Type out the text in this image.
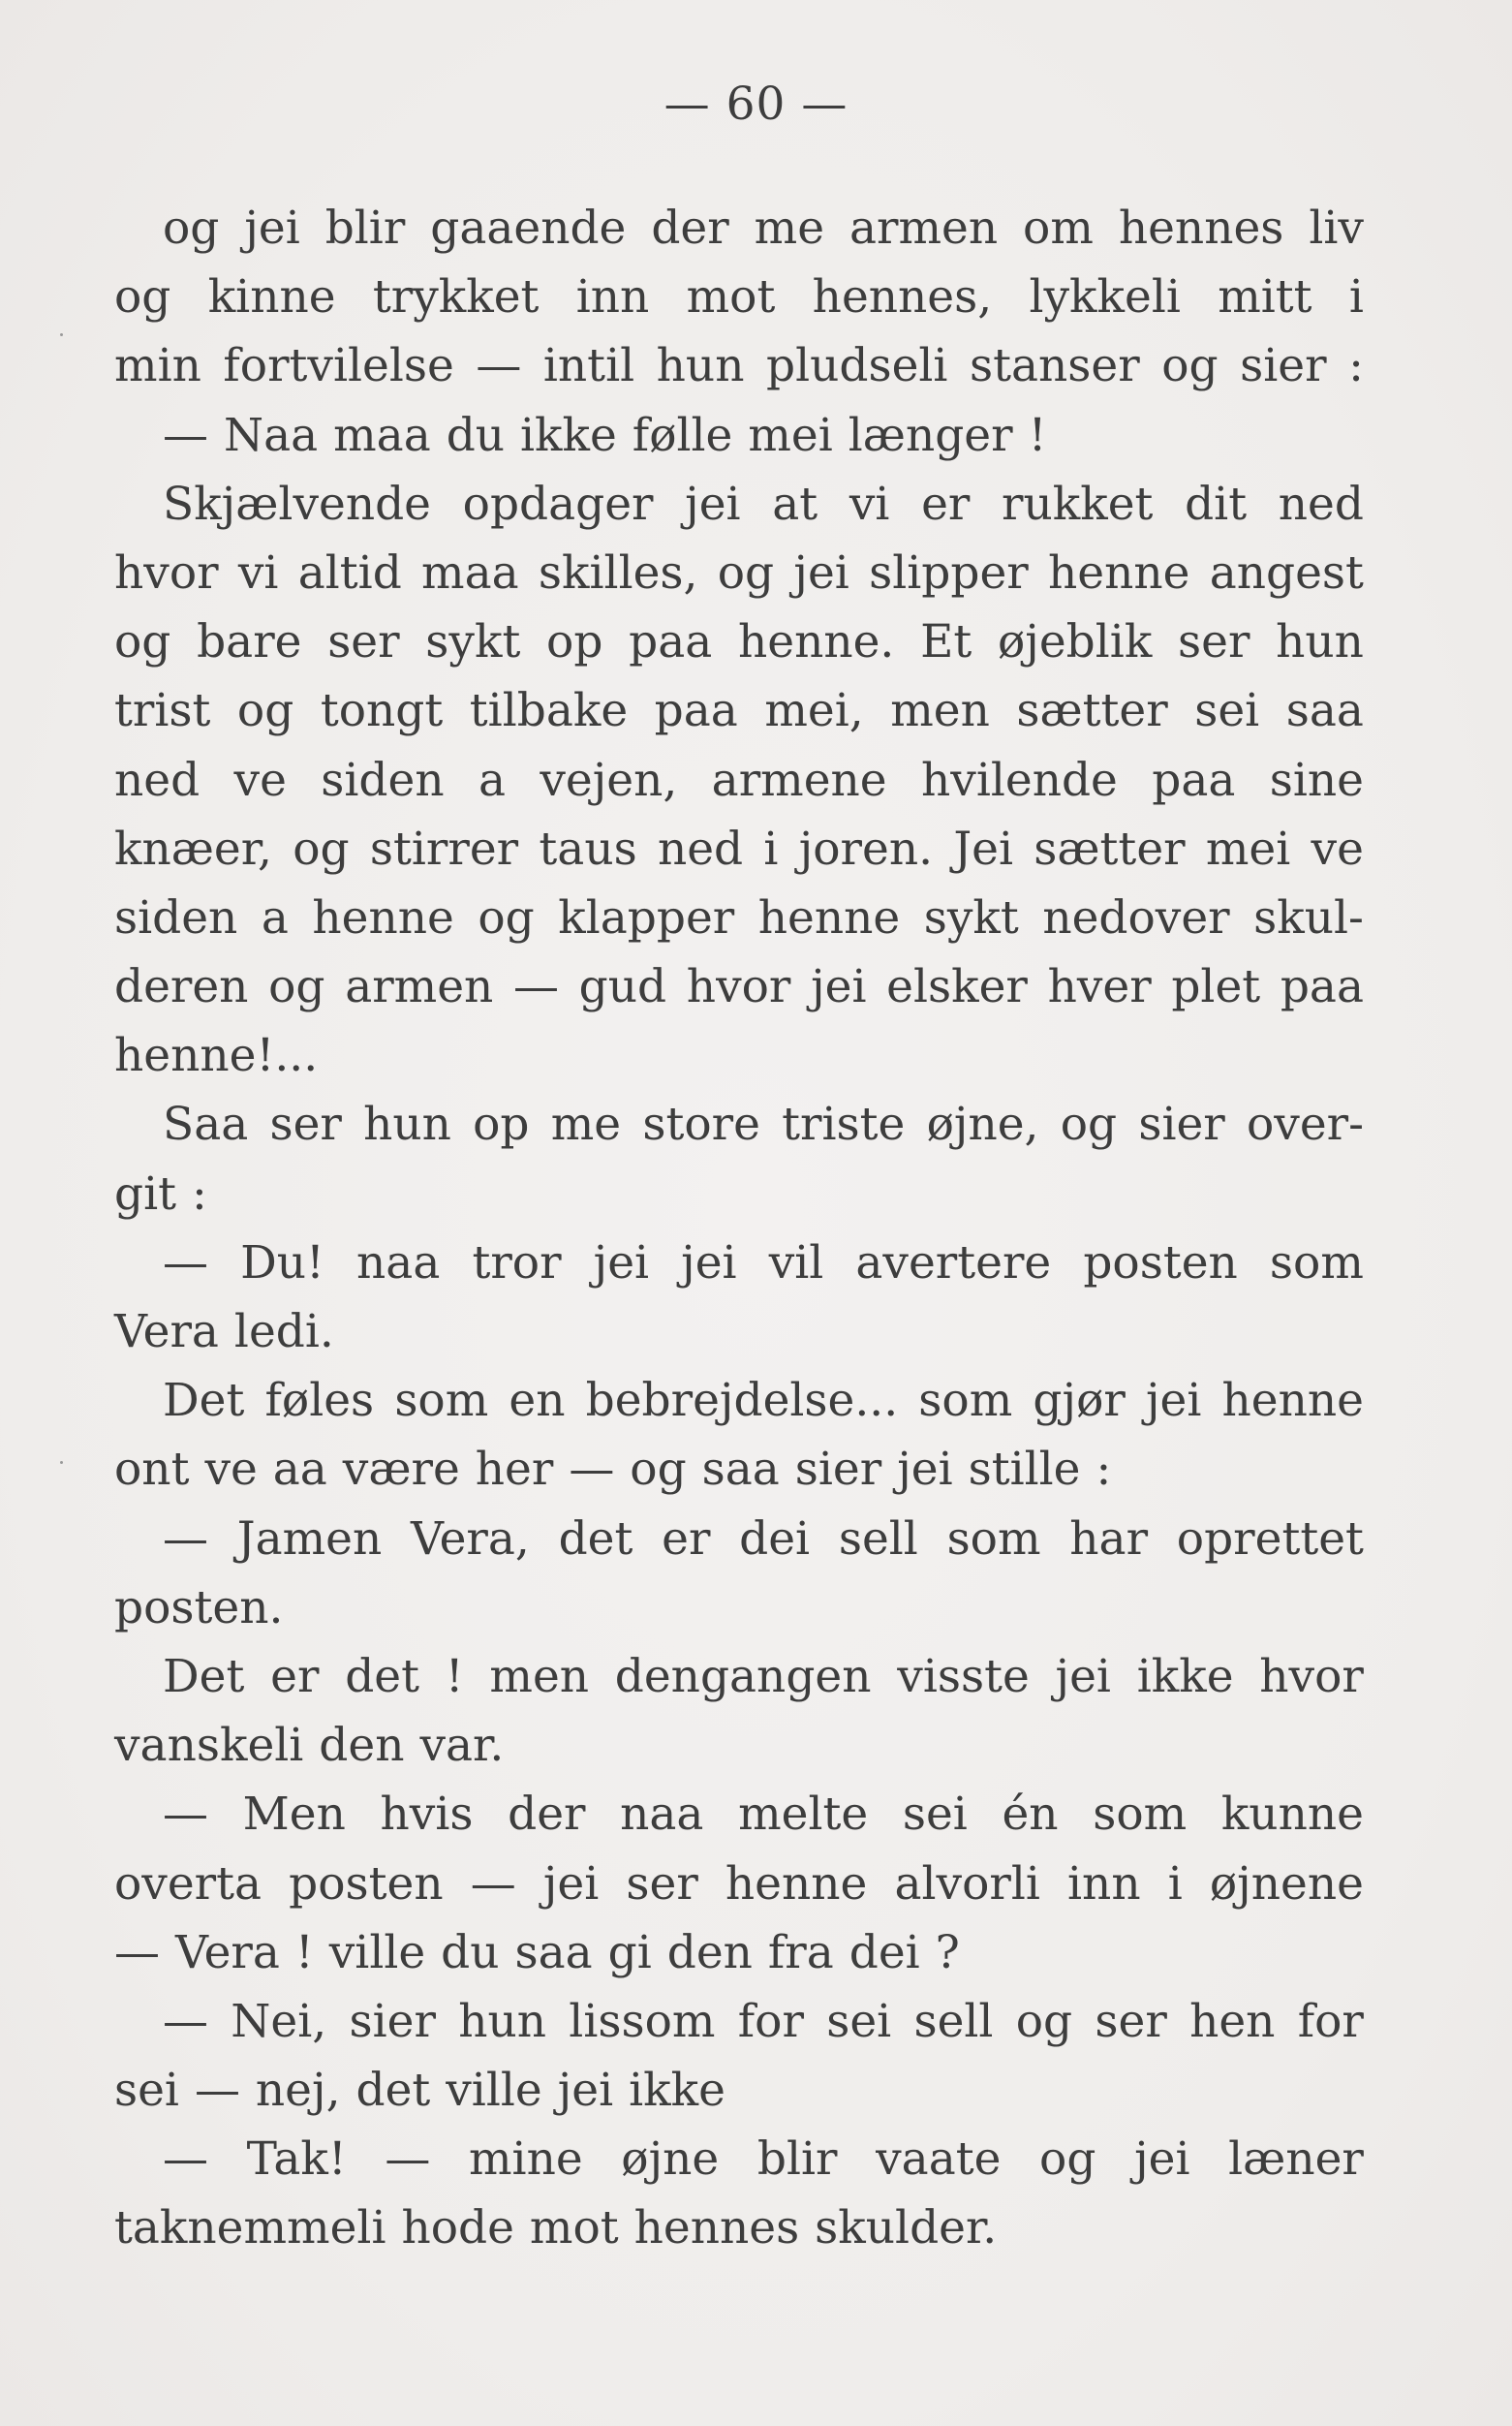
— 60 —
og jei blir gaaende der me armen om hennes liv
og kinne trykket inn mot hennes, lykkeli mitt i
min fortvilelse — intil hun pludseli stanser og sier :
— Naa maa du ikke følle mei længer !
Skjælvende opdager jei at vi er rukket dit ned
hvor vi altid maa skilles, og jei slipper henne angest
og bare ser sykt op paa henne. Et øjeblik ser hun
trist og tongt tilbake paa mei, men sætter sei saa
ned ve siden a vejen, armene hvilende paa sine
knæer, og stirrer taus ned i joren. Jei sætter mei ve
siden a henne og klapper henne sykt nedover skul-
deren og armen — gud hvor jei elsker hver plet paa
henne!...
Saa ser hun op me store triste øjne, og sier over-
git :
— Du! naa tror jei jei vil avertere posten som
Vera ledi.
Det føles som en bebrejdelse... som gjør jei henne
ont ve aa være her — og saa sier jei stille :
— Jamen Vera, det er dei sell som har oprettet
posten.
Det er det ! men dengangen visste jei ikke hvor
vanskeli den var.
— Men hvis der naa melte sei én som kunne
overta posten — jei ser henne alvorli inn i øjnene
— Vera ! ville du saa gi den fra dei ?
— Nei, sier hun lissom for sei sell og ser hen for
sei — nej, det ville jei ikke
— Tak! — mine øjne blir vaate og jei læner
taknemmeli hode mot hennes skulder.
